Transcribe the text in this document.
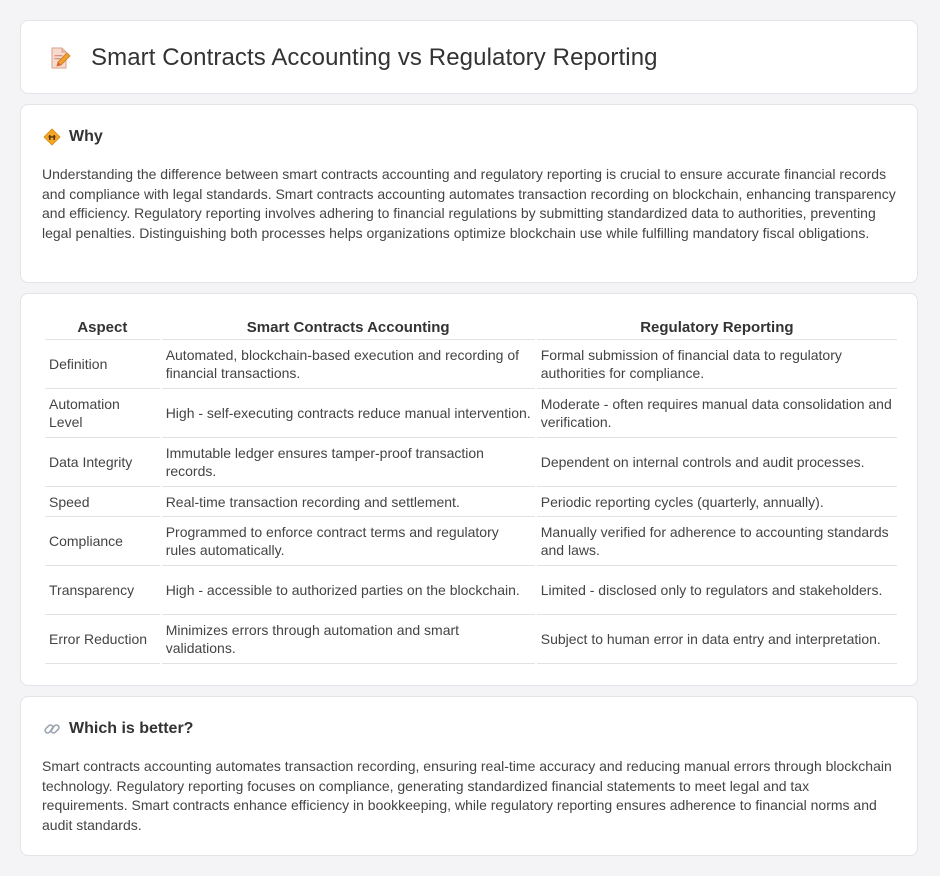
Smart Contracts Accounting vs Regulatory Reporting
Why
Understanding the difference between smart contracts accounting and regulatory reporting is crucial to ensure accurate financial records and compliance with legal standards. Smart contracts accounting automates transaction recording on blockchain, enhancing transparency and efficiency. Regulatory reporting involves adhering to financial regulations by submitting standardized data to authorities, preventing legal penalties. Distinguishing both processes helps organizations optimize blockchain use while fulfilling mandatory fiscal obligations.
Aspect	Smart Contracts Accounting	Regulatory Reporting
Definition	Automated, blockchain-based execution and recording of financial transactions.	Formal submission of financial data to regulatory authorities for compliance.
Automation Level	High - self-executing contracts reduce manual intervention.	Moderate - often requires manual data consolidation and verification.
Data Integrity	Immutable ledger ensures tamper-proof transaction records.	Dependent on internal controls and audit processes.
Speed	Real-time transaction recording and settlement.	Periodic reporting cycles (quarterly, annually).
Compliance	Programmed to enforce contract terms and regulatory rules automatically.	Manually verified for adherence to accounting standards and laws.
Transparency	High - accessible to authorized parties on the blockchain.	Limited - disclosed only to regulators and stakeholders.
Error Reduction	Minimizes errors through automation and smart validations.	Subject to human error in data entry and interpretation.
Which is better?
Smart contracts accounting automates transaction recording, ensuring real-time accuracy and reducing manual errors through blockchain technology. Regulatory reporting focuses on compliance, generating standardized financial statements to meet legal and tax requirements. Smart contracts enhance efficiency in bookkeeping, while regulatory reporting ensures adherence to financial norms and audit standards.
